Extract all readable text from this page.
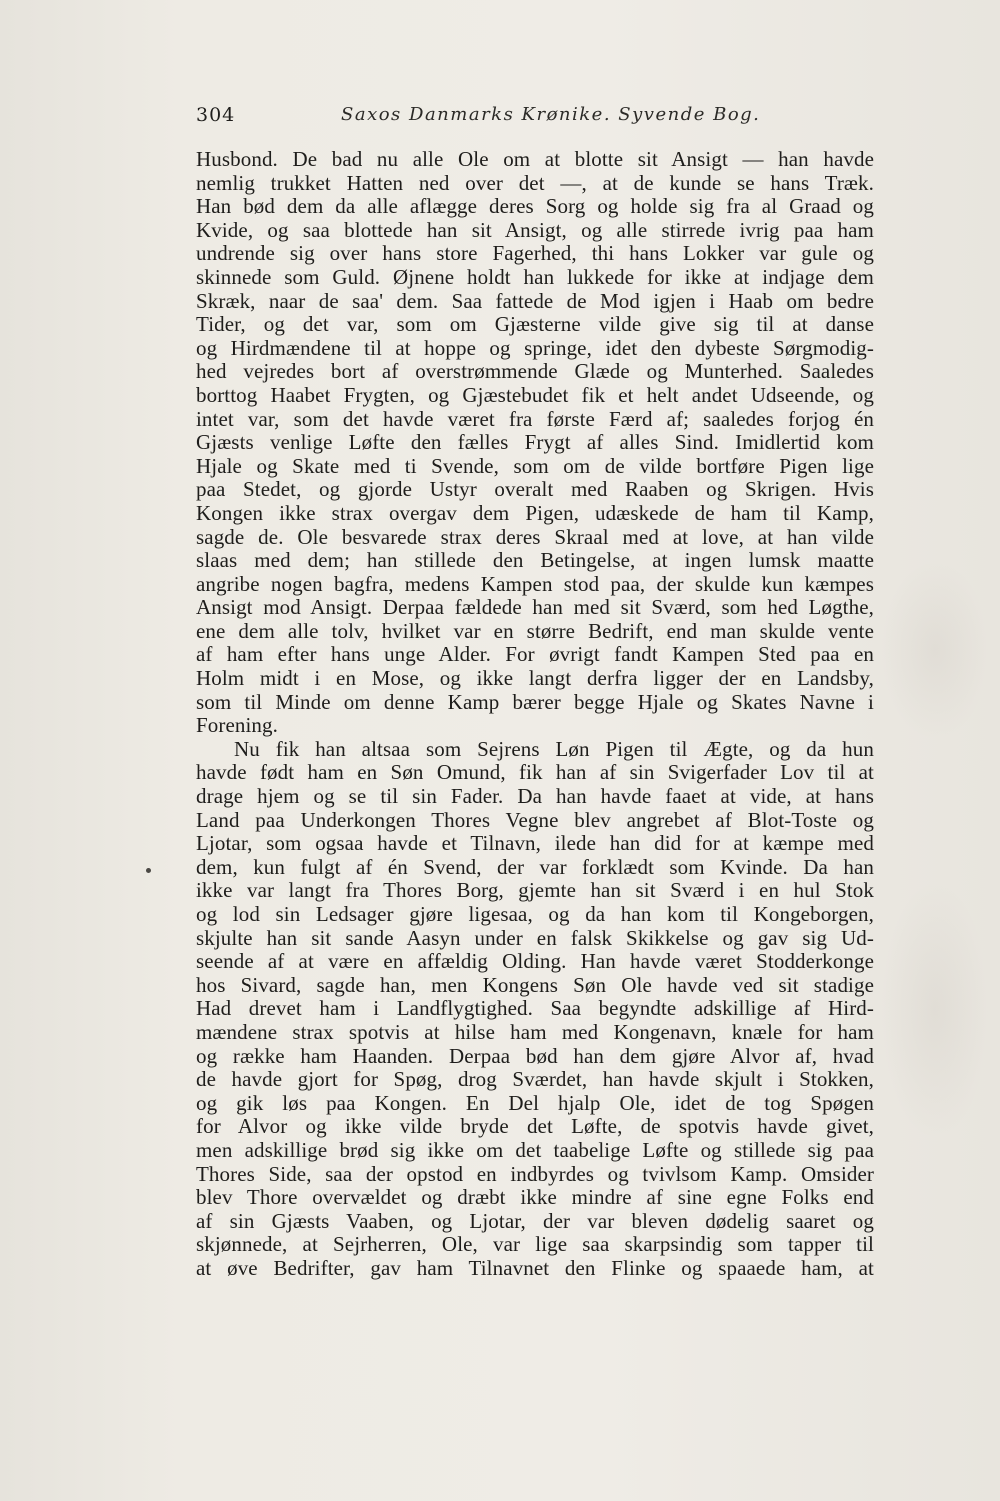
304	Saxos Danmarks Krønike. Syvende Bog.
Husbond. De bad nu alle Ole om at blotte sit Ansigt — han havde
nemlig trukket Hatten ned over det —, at de kunde se hans Træk.
Han bød dem da alle aflægge deres Sorg og holde sig fra al Graad og
Kvide, og saa blottede han sit Ansigt, og alle stirrede ivrig paa ham
undrende sig over hans store Fagerhed, thi hans Lokker var gule og
skinnede som Guld. Øjnene holdt han lukkede for ikke at indjage dem
Skræk, naar de saa' dem. Saa fattede de Mod igjen i Haab om bedre
Tider, og det var, som om Gjæsterne vilde give sig til at danse
og Hirdmændene til at hoppe og springe, idet den dybeste Sørgmodig-
hed vejredes bort af overstrømmende Glæde og Munterhed. Saaledes
borttog Haabet Frygten, og Gjæstebudet fik et helt andet Udseende, og
intet var, som det havde været fra første Færd af; saaledes forjog én
Gjæsts venlige Løfte den fælles Frygt af alles Sind. Imidlertid kom
Hjale og Skate med ti Svende, som om de vilde bortføre Pigen lige
paa Stedet, og gjorde Ustyr overalt med Raaben og Skrigen. Hvis
Kongen ikke strax overgav dem Pigen, udæskede de ham til Kamp,
sagde de. Ole besvarede strax deres Skraal med at love, at han vilde
slaas med dem; han stillede den Betingelse, at ingen lumsk maatte
angribe nogen bagfra, medens Kampen stod paa, der skulde kun kæmpes
Ansigt mod Ansigt. Derpaa fældede han med sit Sværd, som hed Løgthe,
ene dem alle tolv, hvilket var en større Bedrift, end man skulde vente
af ham efter hans unge Alder. For øvrigt fandt Kampen Sted paa en
Holm midt i en Mose, og ikke langt derfra ligger der en Landsby,
som til Minde om denne Kamp bærer begge Hjale og Skates Navne i
Forening.
Nu fik han altsaa som Sejrens Løn Pigen til Ægte, og da hun
havde født ham en Søn Omund, fik han af sin Svigerfader Lov til at
drage hjem og se til sin Fader. Da han havde faaet at vide, at hans
Land paa Underkongen Thores Vegne blev angrebet af Blot-Toste og
Ljotar, som ogsaa havde et Tilnavn, ilede han did for at kæmpe med
dem, kun fulgt af én Svend, der var forklædt som Kvinde. Da han
ikke var langt fra Thores Borg, gjemte han sit Sværd i en hul Stok
og lod sin Ledsager gjøre ligesaa, og da han kom til Kongeborgen,
skjulte han sit sande Aasyn under en falsk Skikkelse og gav sig Ud-
seende af at være en affældig Olding. Han havde været Stodderkonge
hos Sivard, sagde han, men Kongens Søn Ole havde ved sit stadige
Had drevet ham i Landflygtighed. Saa begyndte adskillige af Hird-
mændene strax spotvis at hilse ham med Kongenavn, knæle for ham
og række ham Haanden. Derpaa bød han dem gjøre Alvor af, hvad
de havde gjort for Spøg, drog Sværdet, han havde skjult i Stokken,
og gik løs paa Kongen. En Del hjalp Ole, idet de tog Spøgen
for Alvor og ikke vilde bryde det Løfte, de spotvis havde givet,
men adskillige brød sig ikke om det taabelige Løfte og stillede sig paa
Thores Side, saa der opstod en indbyrdes og tvivlsom Kamp. Omsider
blev Thore overvældet og dræbt ikke mindre af sine egne Folks end
af sin Gjæsts Vaaben, og Ljotar, der var bleven dødelig saaret og
skjønnede, at Sejrherren, Ole, var lige saa skarpsindig som tapper til
at øve Bedrifter, gav ham Tilnavnet den Flinke og spaaede ham, at
